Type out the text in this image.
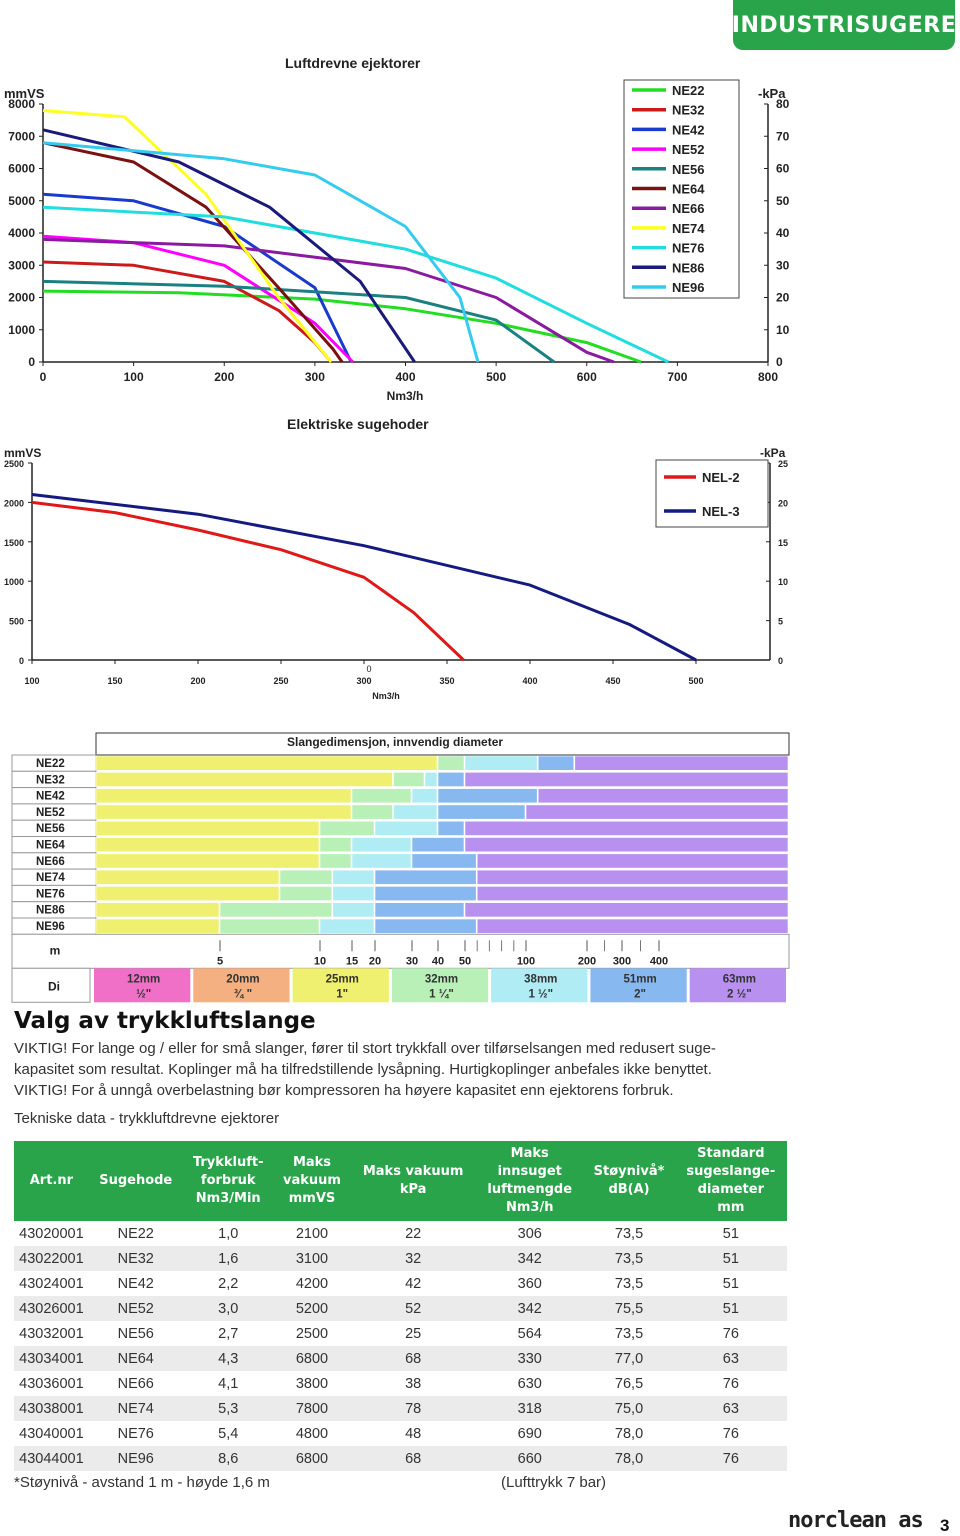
INDUSTRISUGERE
Luftdrevne ejektorer
mmVS	-kPa
0
1000
2000
3000
4000
5000
6000
7000
8000
0
10
20
30
40
50
60
70
80
0	100	200	300	400	500	600	700	800
Nm3/h
NE22
NE32
NE42
NE52
NE56
NE64
NE66
NE74
NE76
NE86
NE96
Elektriske sugehoder
mmVS	-kPa
0
500
1000
1500
2000
2500
0
5
10
15
20
25
100	150	200	250	300	350	400	450	500
0
Nm3/h
NEL-2
NEL-3
Slangedimensjon, innvendig diameter
NE22
NE32
NE42
NE52
NE56
NE64
NE66
NE74
NE76
NE86
NE96
m
5	10 15 20 30 40 50	100	200 300 400
Di	12mm
½"
20mm
¾ "
25mm
1"
32mm
1 ¼"
38mm
1 ½"
51mm
2"
63mm
2 ½"
Valg av trykkluftslange

VIKTIG! For lange og / eller for små slanger, fører til stort trykkfall over tilførselsangen med redusert suge-

kapasitet som resultat. Koplinger må ha tilfredstillende lysåpning. Hurtigkoplinger anbefales ikke benyttet.

VIKTIG! For å unngå overbelastning bør kompressoren ha høyere kapasitet enn ejektorens forbruk.

Tekniske data - trykkluftdrevne ejektorer
Art.nr	Sugehode	Trykkluft-
forbruk
Nm3/Min	Maks
vakuum
mmVS	Maks vakuum
kPa	Maks
innsuget
luftmengde
Nm3/h	Støynivå*
dB(A)	Standard
sugeslange-
diameter
mm
43020001	NE22	1,0	2100	22	306	73,5	51
43022001	NE32	1,6	3100	32	342	73,5	51
43024001	NE42	2,2	4200	42	360	73,5	51
43026001	NE52	3,0	5200	52	342	75,5	51
43032001	NE56	2,7	2500	25	564	73,5	76
43034001	NE64	4,3	6800	68	330	77,0	63
43036001	NE66	4,1	3800	38	630	76,5	76
43038001	NE74	5,3	7800	78	318	75,0	63
43040001	NE76	5,4	4800	48	690	78,0	76
43044001	NE96	8,6	6800	68	660	78,0	76
*Støynivå - avstand 1 m - høyde 1,6 m	(Lufttrykk 7 bar)
norclean as 3
